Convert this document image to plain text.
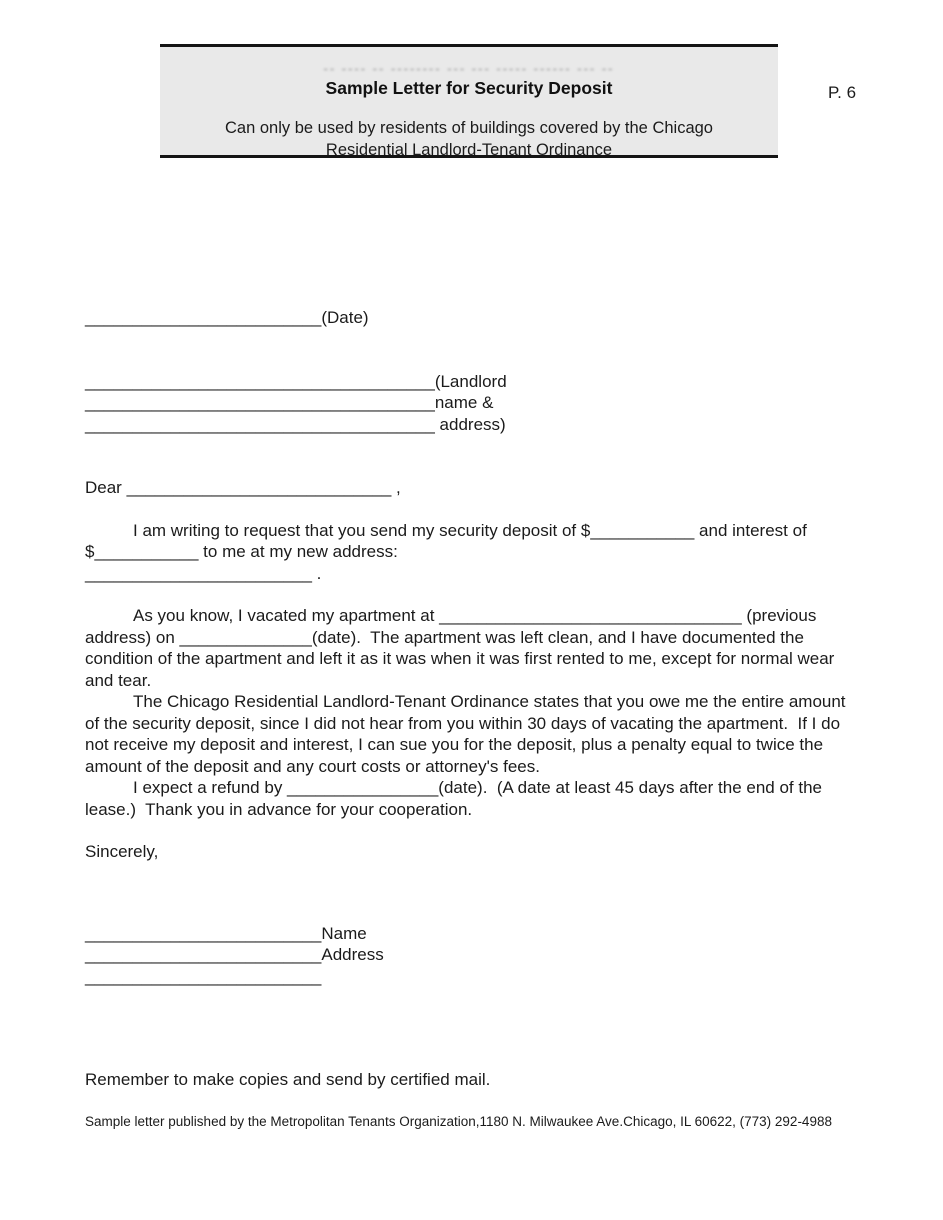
-- ---- -- -------- --- --- ----- ------ --- --
Sample Letter for Security Deposit
Can only be used by residents of buildings covered by the Chicago
Residential Landlord-Tenant Ordinance
P. 6
_________________________(Date)
_____________________________________(Landlord
_____________________________________name &
_____________________________________ address)
Dear ____________________________ ,
I am writing to request that you send my security deposit of $___________ and interest of $___________ to me at my new address:
________________________ .
As you know, I vacated my apartment at ________________________________ (previous address) on ______________(date).  The apartment was left clean, and I have documented the condition of the apartment and left it as it was when it was first rented to me, except for normal wear and tear.
The Chicago Residential Landlord-Tenant Ordinance states that you owe me the entire amount of the security deposit, since I did not hear from you within 30 days of vacating the apartment.  If I do not receive my deposit and interest, I can sue you for the deposit, plus a penalty equal to twice the amount of the deposit and any court costs or attorney's fees.
I expect a refund by ________________(date).  (A date at least 45 days after the end of the lease.)  Thank you in advance for your cooperation.
Sincerely,
_________________________Name
_________________________Address
_________________________
Remember to make copies and send by certified mail.
Sample letter published by the Metropolitan Tenants Organization,1180 N. Milwaukee Ave.Chicago, IL 60622, (773) 292-4988
